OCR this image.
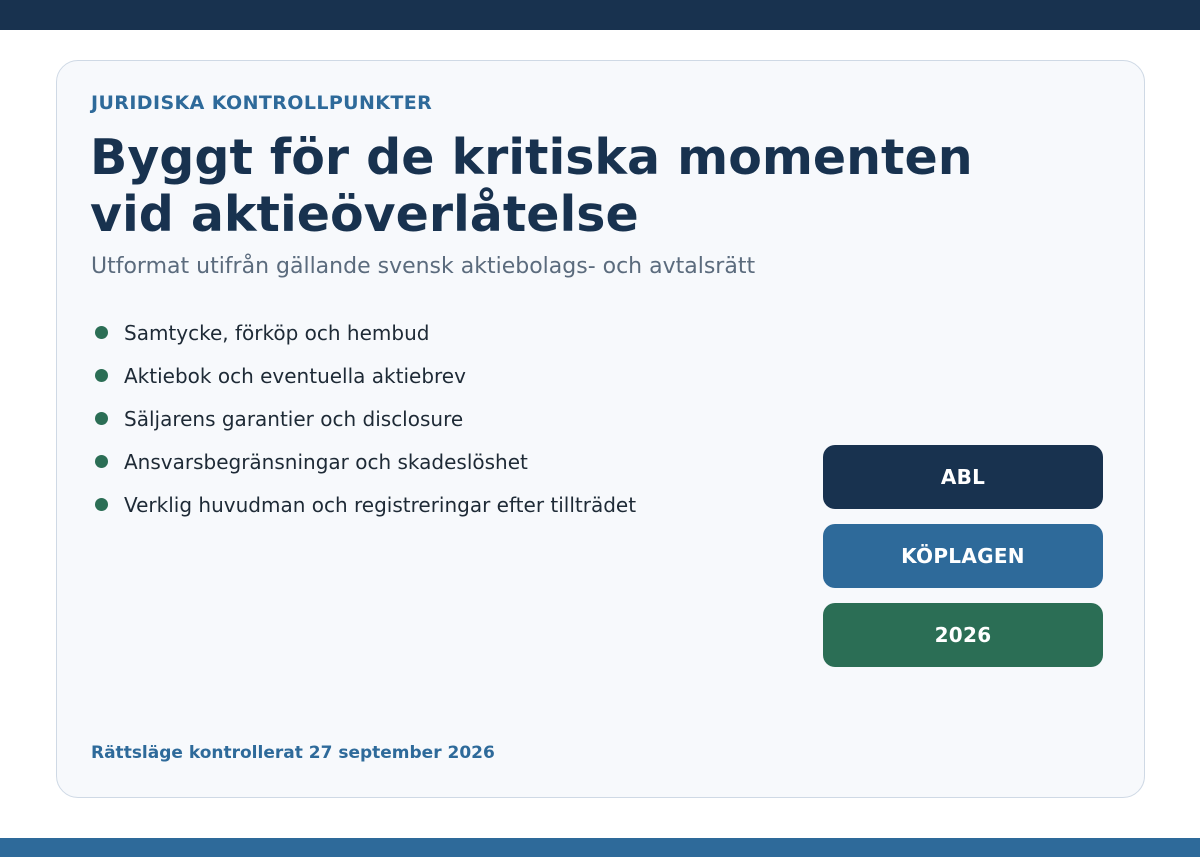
JURIDISKA KONTROLLPUNKTER
Byggt för de kritiska momenten
vid aktieöverlåtelse
Utformat utifrån gällande svensk aktiebolags- och avtalsrätt
Samtycke, förköp och hembud
Aktiebok och eventuella aktiebrev
Säljarens garantier och disclosure
Ansvarsbegränsningar och skadeslöshet
Verklig huvudman och registreringar efter tillträdet
ABL
KÖPLAGEN
2026
Rättsläge kontrollerat 27 september 2026
